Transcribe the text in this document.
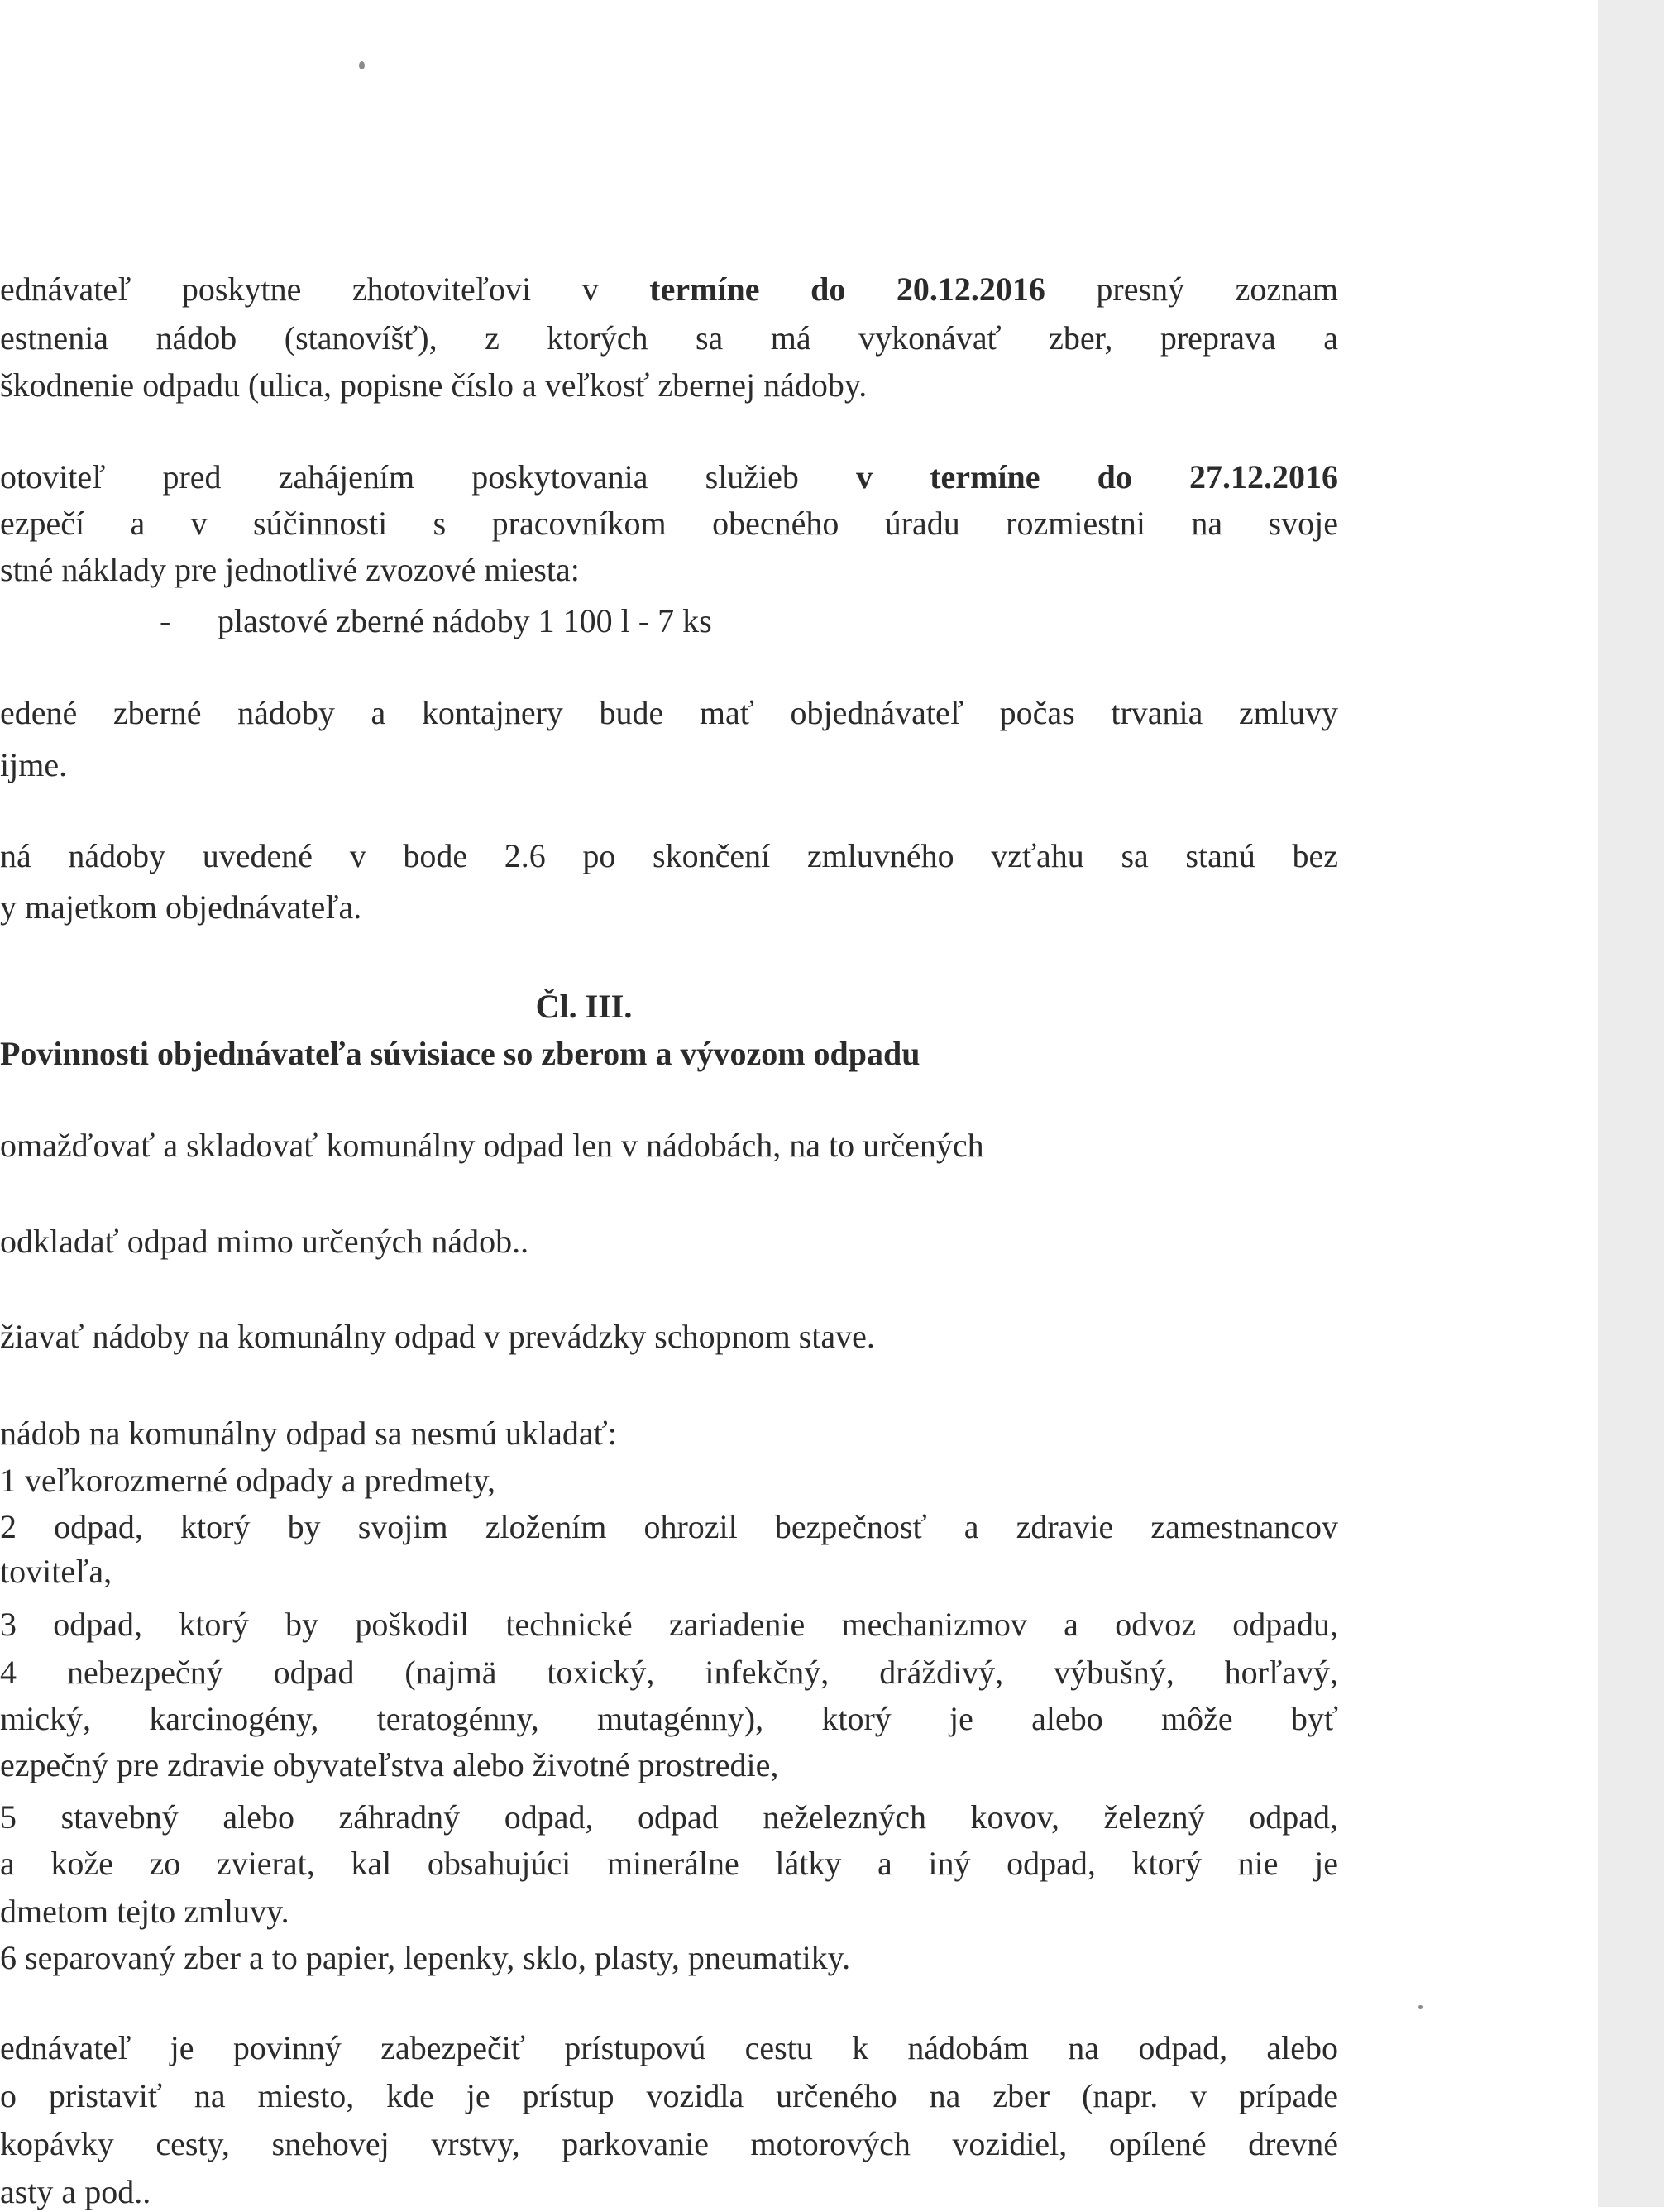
ednávateľ poskytne zhotoviteľovi v termíne do 20.12.2016 presný zoznam

estnenia nádob (stanovíšť), z ktorých sa má vykonávať zber, preprava a

škodnenie odpadu (ulica, popisne číslo a veľkosť zbernej nádoby.

otoviteľ pred zahájením poskytovania služieb v termíne do 27.12.2016

ezpečí a v súčinnosti s pracovníkom obecného úradu rozmiestni na svoje

stné náklady pre jednotlivé zvozové miesta:

- plastové zberné nádoby 1 100 l - 7 ks

edené zberné nádoby a kontajnery bude mať objednávateľ počas trvania zmluvy

ijme.

ná nádoby uvedené v bode 2.6 po skončení zmluvného vzťahu sa stanú bez

y majetkom objednávateľa.

Čl. III.

Povinnosti objednávateľa súvisiace so zberom a vývozom odpadu

omažďovať a skladovať komunálny odpad len v nádobách, na to určených

odkladať odpad mimo určených nádob..

žiavať nádoby na komunálny odpad v prevádzky schopnom stave.

nádob na komunálny odpad sa nesmú ukladať:

1 veľkorozmerné odpady a predmety,

2 odpad, ktorý by svojim zložením ohrozil bezpečnosť a zdravie zamestnancov

toviteľa,

3 odpad, ktorý by poškodil technické zariadenie mechanizmov a odvoz odpadu,

4 nebezpečný odpad (najmä toxický, infekčný, dráždivý, výbušný, horľavý,

mický, karcinogény, teratogénny, mutagénny), ktorý je alebo môže byť

ezpečný pre zdravie obyvateľstva alebo životné prostredie,

5 stavebný alebo záhradný odpad, odpad neželezných kovov, železný odpad,

a kože zo zvierat, kal obsahujúci minerálne látky a iný odpad, ktorý nie je

dmetom tejto zmluvy.

6 separovaný zber a to papier, lepenky, sklo, plasty, pneumatiky.

ednávateľ je povinný zabezpečiť prístupovú cestu k nádobám na odpad, alebo

o pristaviť na miesto, kde je prístup vozidla určeného na zber (napr. v prípade

kopávky cesty, snehovej vrstvy, parkovanie motorových vozidiel, opílené drevné

asty a pod..
